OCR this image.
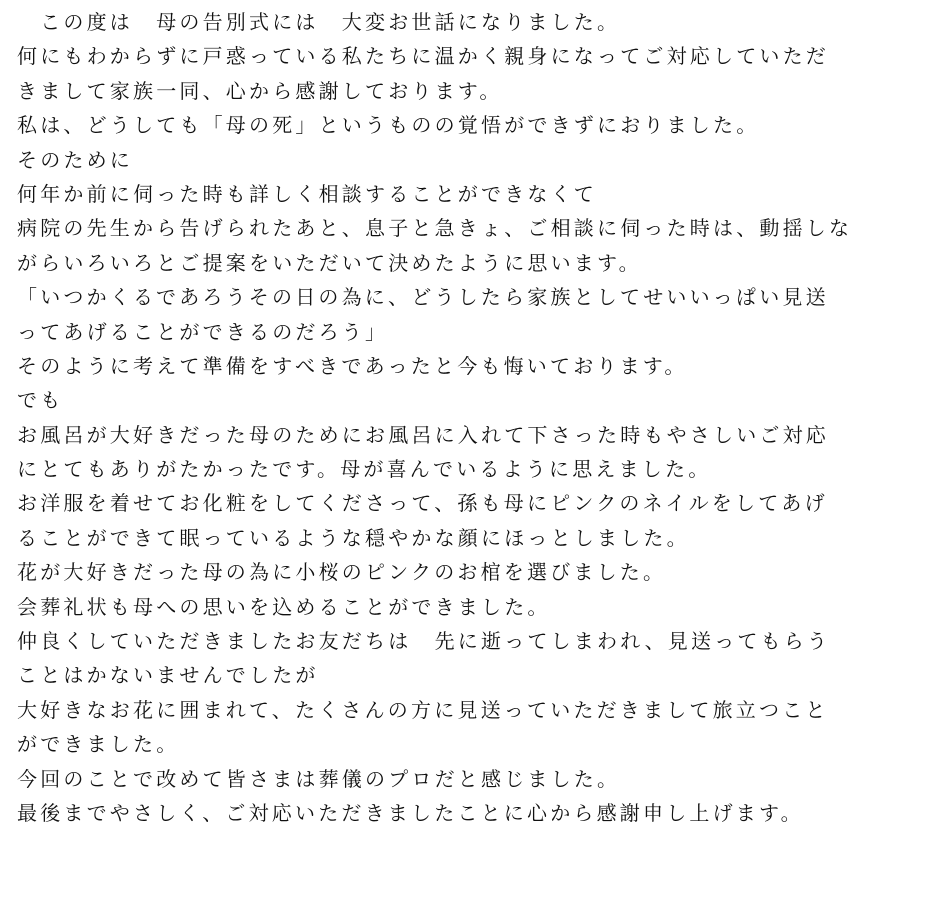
　この度は　母の告別式には　大変お世話になりました。
何にもわからずに戸惑っている私たちに温かく親身になってご対応していただ
きまして家族一同、心から感謝しております。
私は、どうしても「母の死」というものの覚悟ができずにおりました。
そのために
何年か前に伺った時も詳しく相談することができなくて
病院の先生から告げられたあと、息子と急きょ、ご相談に伺った時は、動揺しな
がらいろいろとご提案をいただいて決めたように思います。
「いつかくるであろうその日の為に、どうしたら家族としてせいいっぱい見送
ってあげることができるのだろう」
そのように考えて準備をすべきであったと今も悔いております。
でも
お風呂が大好きだった母のためにお風呂に入れて下さった時もやさしいご対応
にとてもありがたかったです。母が喜んでいるように思えました。
お洋服を着せてお化粧をしてくださって、孫も母にピンクのネイルをしてあげ
ることができて眠っているような穏やかな顔にほっとしました。
花が大好きだった母の為に小桜のピンクのお棺を選びました。
会葬礼状も母への思いを込めることができました。
仲良くしていただきましたお友だちは　先に逝ってしまわれ、見送ってもらう
ことはかないませんでしたが
大好きなお花に囲まれて、たくさんの方に見送っていただきまして旅立つこと
ができました。
今回のことで改めて皆さまは葬儀のプロだと感じました。
最後までやさしく、ご対応いただきましたことに心から感謝申し上げます。
